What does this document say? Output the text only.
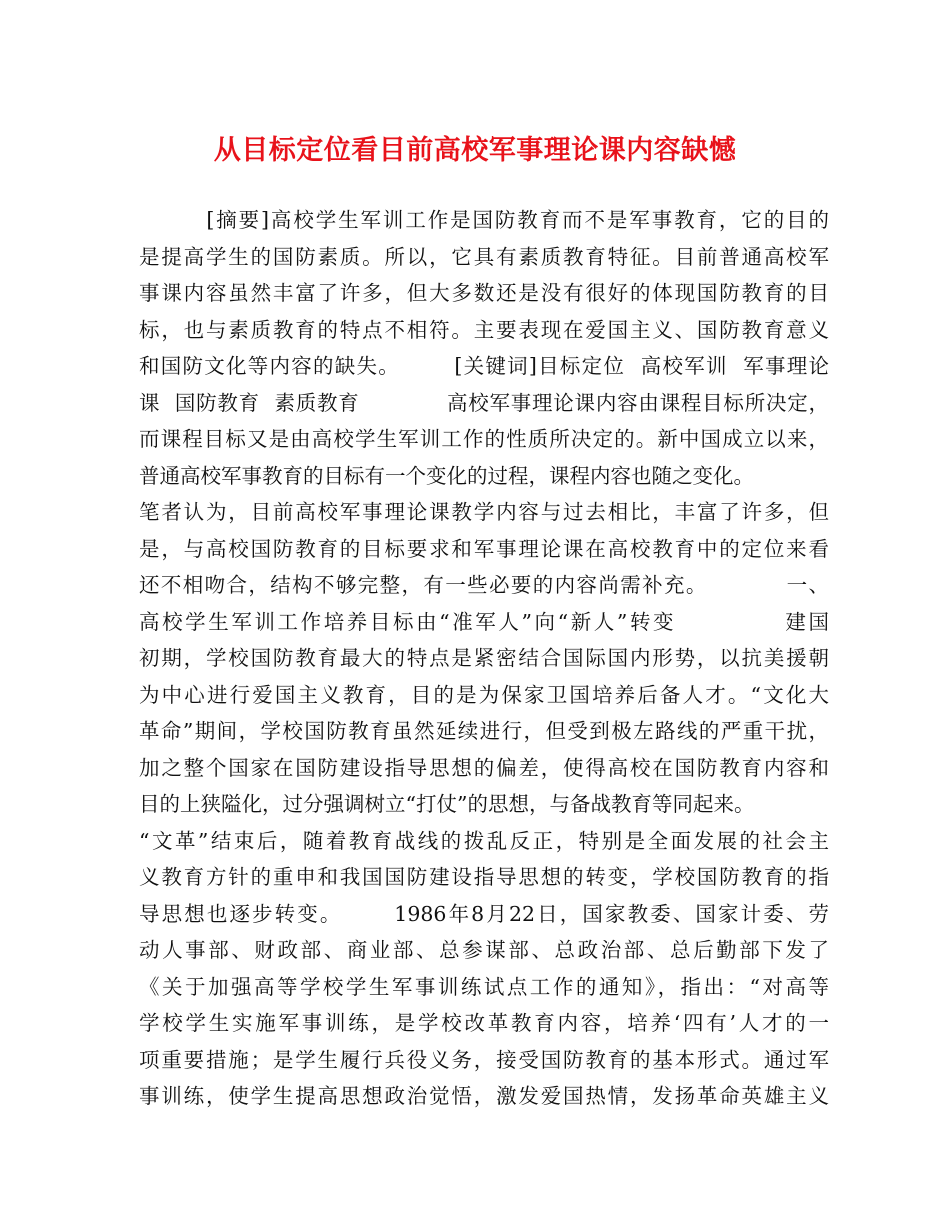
从目标定位看目前高校军事理论课内容缺憾
[摘要]高校学生军训工作是国防教育而不是军事教育，它的目的
是提高学生的国防素质。所以，它具有素质教育特征。目前普通高校军
事课内容虽然丰富了许多，但大多数还是没有很好的体现国防教育的目
标，也与素质教育的特点不相符。主要表现在爱国主义、国防教育意义
和国防文化等内容的缺失。       [关键词]目标定位  高校军训  军事理论
课  国防教育  素质教育            高校军事理论课内容由课程目标所决定，
而课程目标又是由高校学生军训工作的性质所决定的。新中国成立以来，
普通高校军事教育的目标有一个变化的过程，课程内容也随之变化。
笔者认为，目前高校军事理论课教学内容与过去相比，丰富了许多，但
是，与高校国防教育的目标要求和军事理论课在高校教育中的定位来看
还不相吻合，结构不够完整，有一些必要的内容尚需补充。          一、
高校学生军训工作培养目标由“准军人”向“新人”转变            建国
初期，学校国防教育最大的特点是紧密结合国际国内形势，以抗美援朝
为中心进行爱国主义教育，目的是为保家卫国培养后备人才。“文化大
革命”期间，学校国防教育虽然延续进行，但受到极左路线的严重干扰，
加之整个国家在国防建设指导思想的偏差，使得高校在国防教育内容和
目的上狭隘化，过分强调树立“打仗”的思想，与备战教育等同起来。
“文革”结束后，随着教育战线的拨乱反正，特别是全面发展的社会主
义教育方针的重申和我国国防建设指导思想的转变，学校国防教育的指
导思想也逐步转变。      1986年8月22日，国家教委、国家计委、劳
动人事部、财政部、商业部、总参谋部、总政治部、总后勤部下发了
《关于加强高等学校学生军事训练试点工作的通知》，指出：“对高等
学校学生实施军事训练，是学校改革教育内容，培养‘四有’人才的一
项重要措施；是学生履行兵役义务，接受国防教育的基本形式。通过军
事训练，使学生提高思想政治觉悟，激发爱国热情，发扬革命英雄主义
